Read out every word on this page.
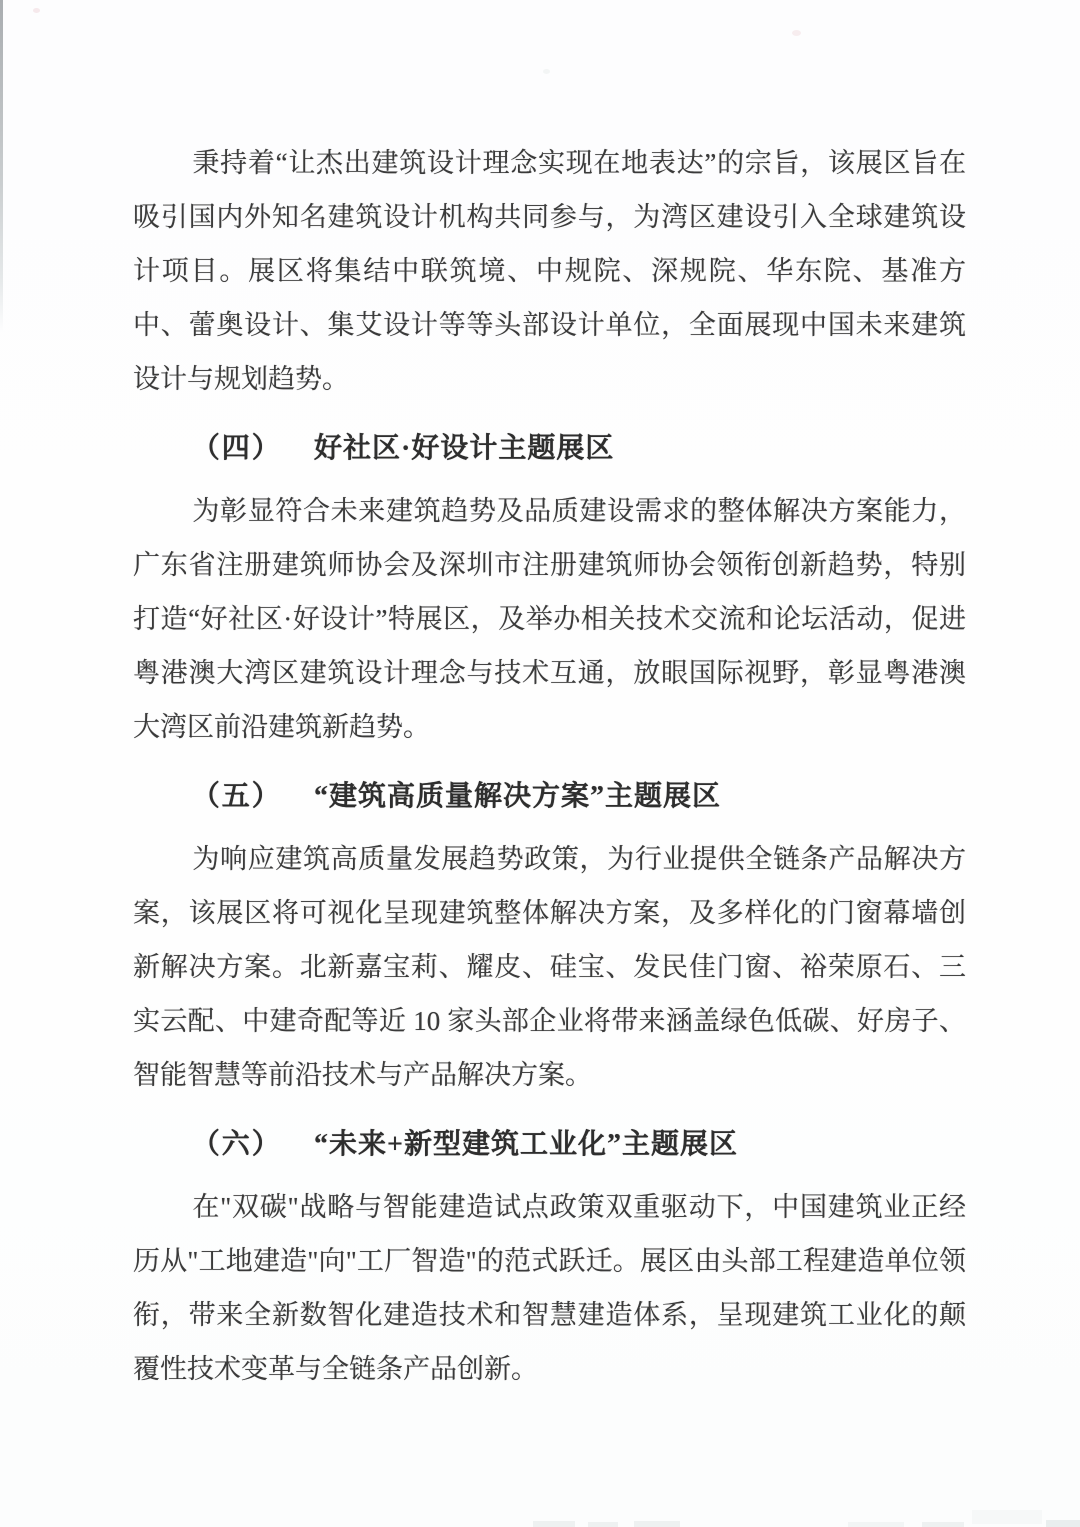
秉持着“让杰出建筑设计理念实现在地表达”的宗旨，该展区旨在吸引国内外知名建筑设计机构共同参与，为湾区建设引入全球建筑设计项目。展区将集结中联筑境、中规院、深规院、华东院、基准方中、蕾奥设计、集艾设计等等头部设计单位，全面展现中国未来建筑设计与规划趋势。

（四） 好社区·好设计主题展区

为彰显符合未来建筑趋势及品质建设需求的整体解决方案能力，广东省注册建筑师协会及深圳市注册建筑师协会领衔创新趋势，特别打造“好社区·好设计”特展区，及举办相关技术交流和论坛活动，促进粤港澳大湾区建筑设计理念与技术互通，放眼国际视野，彰显粤港澳大湾区前沿建筑新趋势。

（五） “建筑高质量解决方案”主题展区

为响应建筑高质量发展趋势政策，为行业提供全链条产品解决方案，该展区将可视化呈现建筑整体解决方案，及多样化的门窗幕墙创新解决方案。北新嘉宝莉、耀皮、硅宝、发民佳门窗、裕荣原石、三实云配、中建奇配等近 10 家头部企业将带来涵盖绿色低碳、好房子、智能智慧等前沿技术与产品解决方案。

（六） “未来+新型建筑工业化”主题展区

在"双碳"战略与智能建造试点政策双重驱动下，中国建筑业正经历从"工地建造"向"工厂智造"的范式跃迁。展区由头部工程建造单位领衔，带来全新数智化建造技术和智慧建造体系，呈现建筑工业化的颠覆性技术变革与全链条产品创新。
